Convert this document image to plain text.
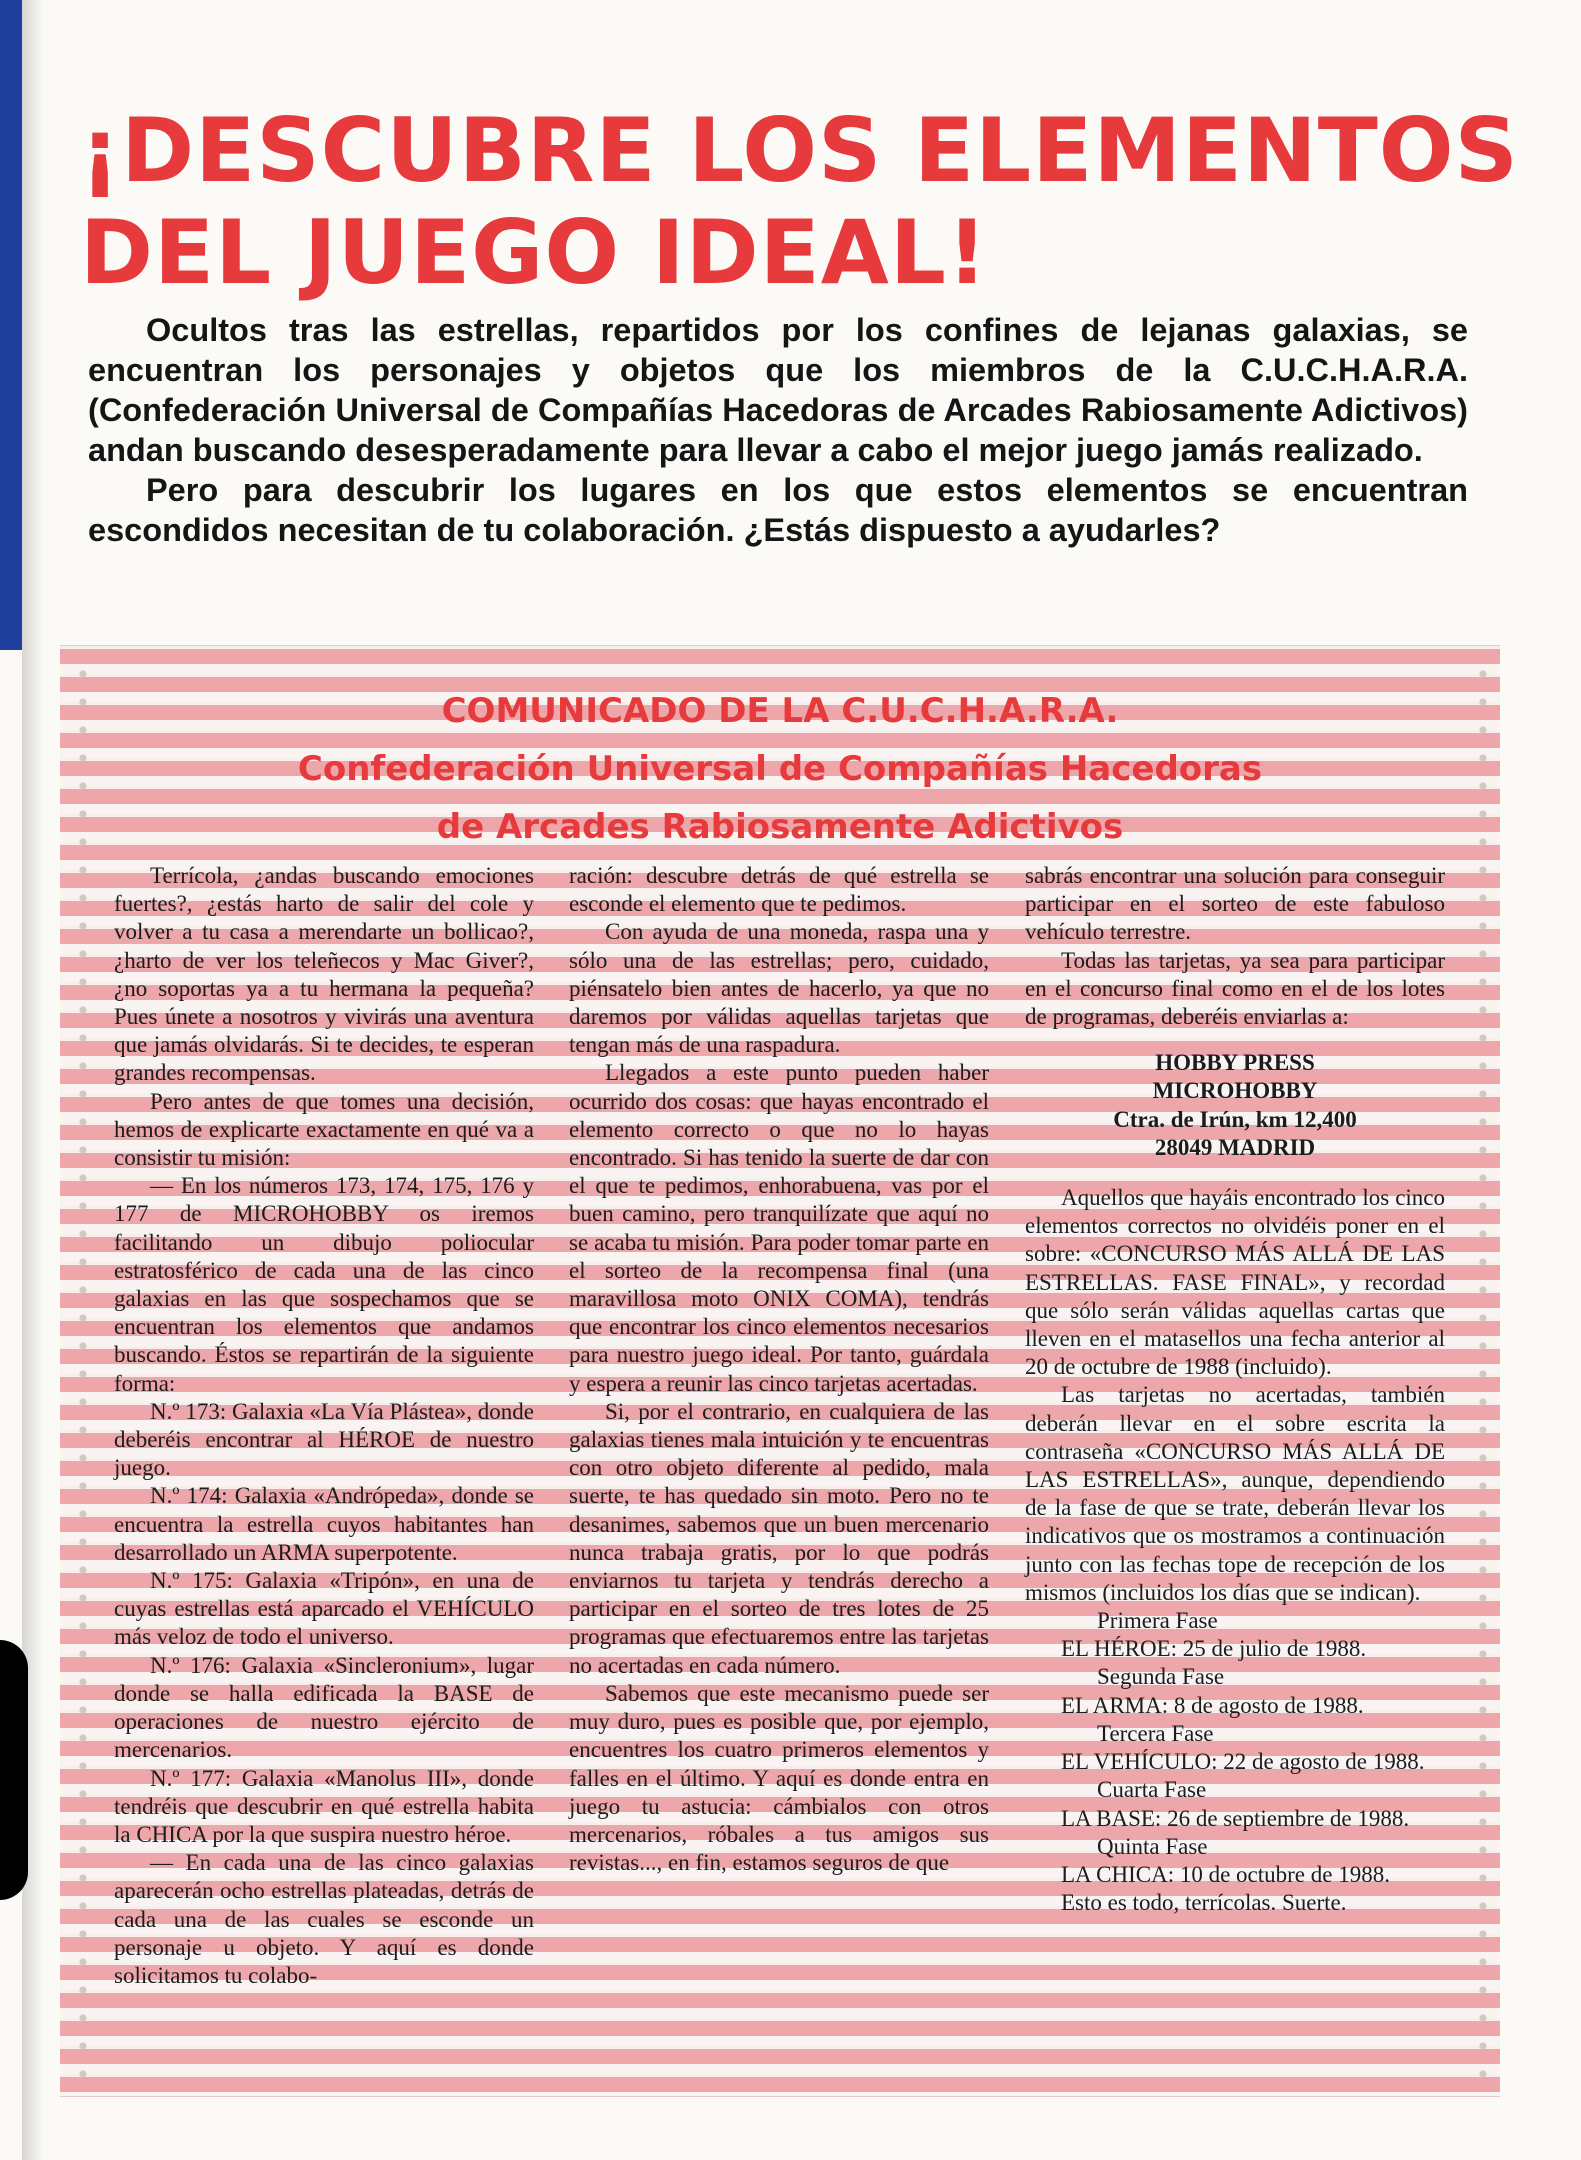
¡DESCUBRE LOS ELEMENTOS
DEL JUEGO IDEAL!

Ocultos tras las estrellas, repartidos por los confines de lejanas galaxias, se encuentran los personajes y objetos que los miembros de la C.U.C.H.A.R.A. (Confederación Universal de Compañías Hacedoras de Arcades Rabiosamente Adictivos) andan buscando desesperadamente para llevar a cabo el mejor juego jamás realizado.

Pero para descubrir los lugares en los que estos elementos se encuentran escondidos necesitan de tu colaboración. ¿Estás dispuesto a ayudarles?

COMUNICADO DE LA C.U.C.H.A.R.A.
Confederación Universal de Compañías Hacedoras
de Arcades Rabiosamente Adictivos

Terrícola, ¿andas buscando emociones fuertes?, ¿estás harto de salir del cole y volver a tu casa a merendarte un bollicao?, ¿harto de ver los teleñecos y Mac Giver?, ¿no soportas ya a tu hermana la pequeña? Pues únete a nosotros y vivirás una aventura que jamás olvidarás. Si te decides, te esperan grandes recompensas.

Pero antes de que tomes una decisión, hemos de explicarte exactamente en qué va a consistir tu misión:

— En los números 173, 174, 175, 176 y 177 de MICROHOBBY os iremos facilitando un dibujo poliocular estratosférico de cada una de las cinco galaxias en las que sospechamos que se encuentran los elementos que andamos buscando. Éstos se repartirán de la siguiente forma:

N.º 173: Galaxia «La Vía Plástea», donde deberéis encontrar al HÉROE de nuestro juego.

N.º 174: Galaxia «Andrópeda», donde se encuentra la estrella cuyos habitantes han desarrollado un ARMA superpotente.

N.º 175: Galaxia «Tripón», en una de cuyas estrellas está aparcado el VEHÍCULO más veloz de todo el universo.

N.º 176: Galaxia «Sincleronium», lugar donde se halla edificada la BASE de operaciones de nuestro ejército de mercenarios.

N.º 177: Galaxia «Manolus III», donde tendréis que descubrir en qué estrella habita la CHICA por la que suspira nuestro héroe.

— En cada una de las cinco galaxias aparecerán ocho estrellas plateadas, detrás de cada una de las cuales se esconde un personaje u objeto. Y aquí es donde solicitamos tu colabo-

ración: descubre detrás de qué estrella se esconde el elemento que te pedimos.

Con ayuda de una moneda, raspa una y sólo una de las estrellas; pero, cuidado, piénsatelo bien antes de hacerlo, ya que no daremos por válidas aquellas tarjetas que tengan más de una raspadura.

Llegados a este punto pueden haber ocurrido dos cosas: que hayas encontrado el elemento correcto o que no lo hayas encontrado. Si has tenido la suerte de dar con el que te pedimos, enhorabuena, vas por el buen camino, pero tranquilízate que aquí no se acaba tu misión. Para poder tomar parte en el sorteo de la recompensa final (una maravillosa moto ONIX COMA), tendrás que encontrar los cinco elementos necesarios para nuestro juego ideal. Por tanto, guárdala y espera a reunir las cinco tarjetas acertadas.

Si, por el contrario, en cualquiera de las galaxias tienes mala intuición y te encuentras con otro objeto diferente al pedido, mala suerte, te has quedado sin moto. Pero no te desanimes, sabemos que un buen mercenario nunca trabaja gratis, por lo que podrás enviarnos tu tarjeta y tendrás derecho a participar en el sorteo de tres lotes de 25 programas que efectuaremos entre las tarjetas no acertadas en cada número.

Sabemos que este mecanismo puede ser muy duro, pues es posible que, por ejemplo, encuentres los cuatro primeros elementos y falles en el último. Y aquí es donde entra en juego tu astucia: cámbialos con otros mercenarios, róbales a tus amigos sus revistas..., en fin, estamos seguros de que

sabrás encontrar una solución para conseguir participar en el sorteo de este fabuloso vehículo terrestre.

Todas las tarjetas, ya sea para participar en el concurso final como en el de los lotes de programas, deberéis enviarlas a:

HOBBY PRESS
MICROHOBBY
Ctra. de Irún, km 12,400
28049 MADRID

Aquellos que hayáis encontrado los cinco elementos correctos no olvidéis poner en el sobre: «CONCURSO MÁS ALLÁ DE LAS ESTRELLAS. FASE FINAL», y recordad que sólo serán válidas aquellas cartas que lleven en el matasellos una fecha anterior al 20 de octubre de 1988 (incluido).

Las tarjetas no acertadas, también deberán llevar en el sobre escrita la contraseña «CONCURSO MÁS ALLÁ DE LAS ESTRELLAS», aunque, dependiendo de la fase de que se trate, deberán llevar los indicativos que os mostramos a continuación junto con las fechas tope de recepción de los mismos (incluidos los días que se indican).

Primera Fase

EL HÉROE: 25 de julio de 1988.

Segunda Fase

EL ARMA: 8 de agosto de 1988.

Tercera Fase

EL VEHÍCULO: 22 de agosto de 1988.

Cuarta Fase

LA BASE: 26 de septiembre de 1988.

Quinta Fase

LA CHICA: 10 de octubre de 1988.

Esto es todo, terrícolas. Suerte.
